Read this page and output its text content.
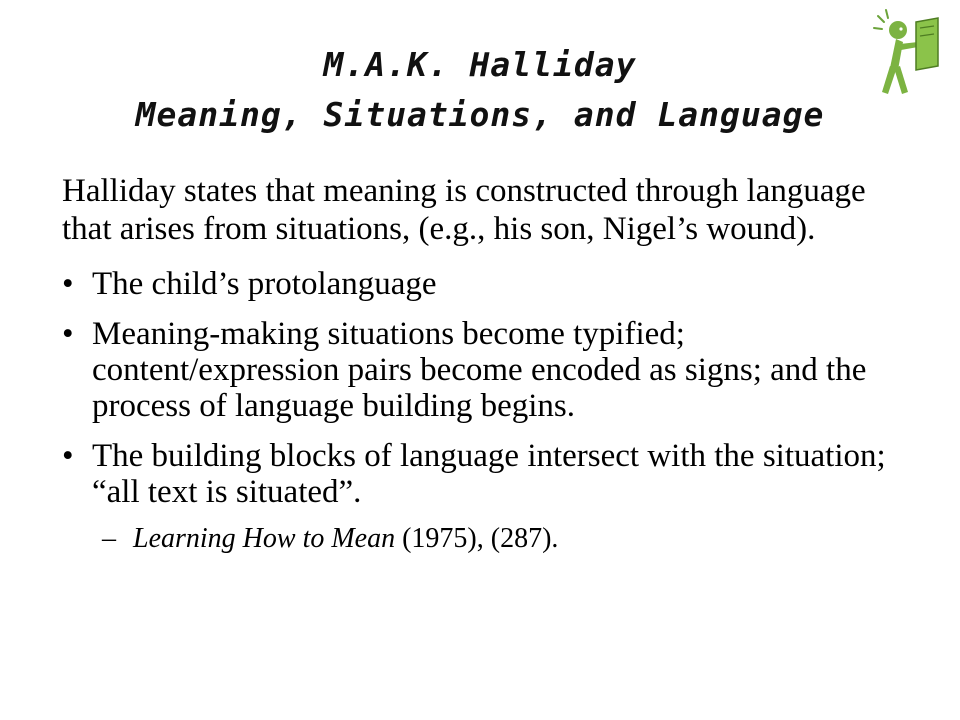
M.A.K. Halliday
Meaning, Situations, and Language
Halliday states that meaning is constructed through language that arises from situations, (e.g., his son, Nigel’s wound).
• The child’s protolanguage
• Meaning-making situations become typified; content/expression pairs become encoded as signs; and the process of language building begins.
• The building blocks of language intersect with the situation; “all text is situated”.
– Learning How to Mean (1975), (287).
